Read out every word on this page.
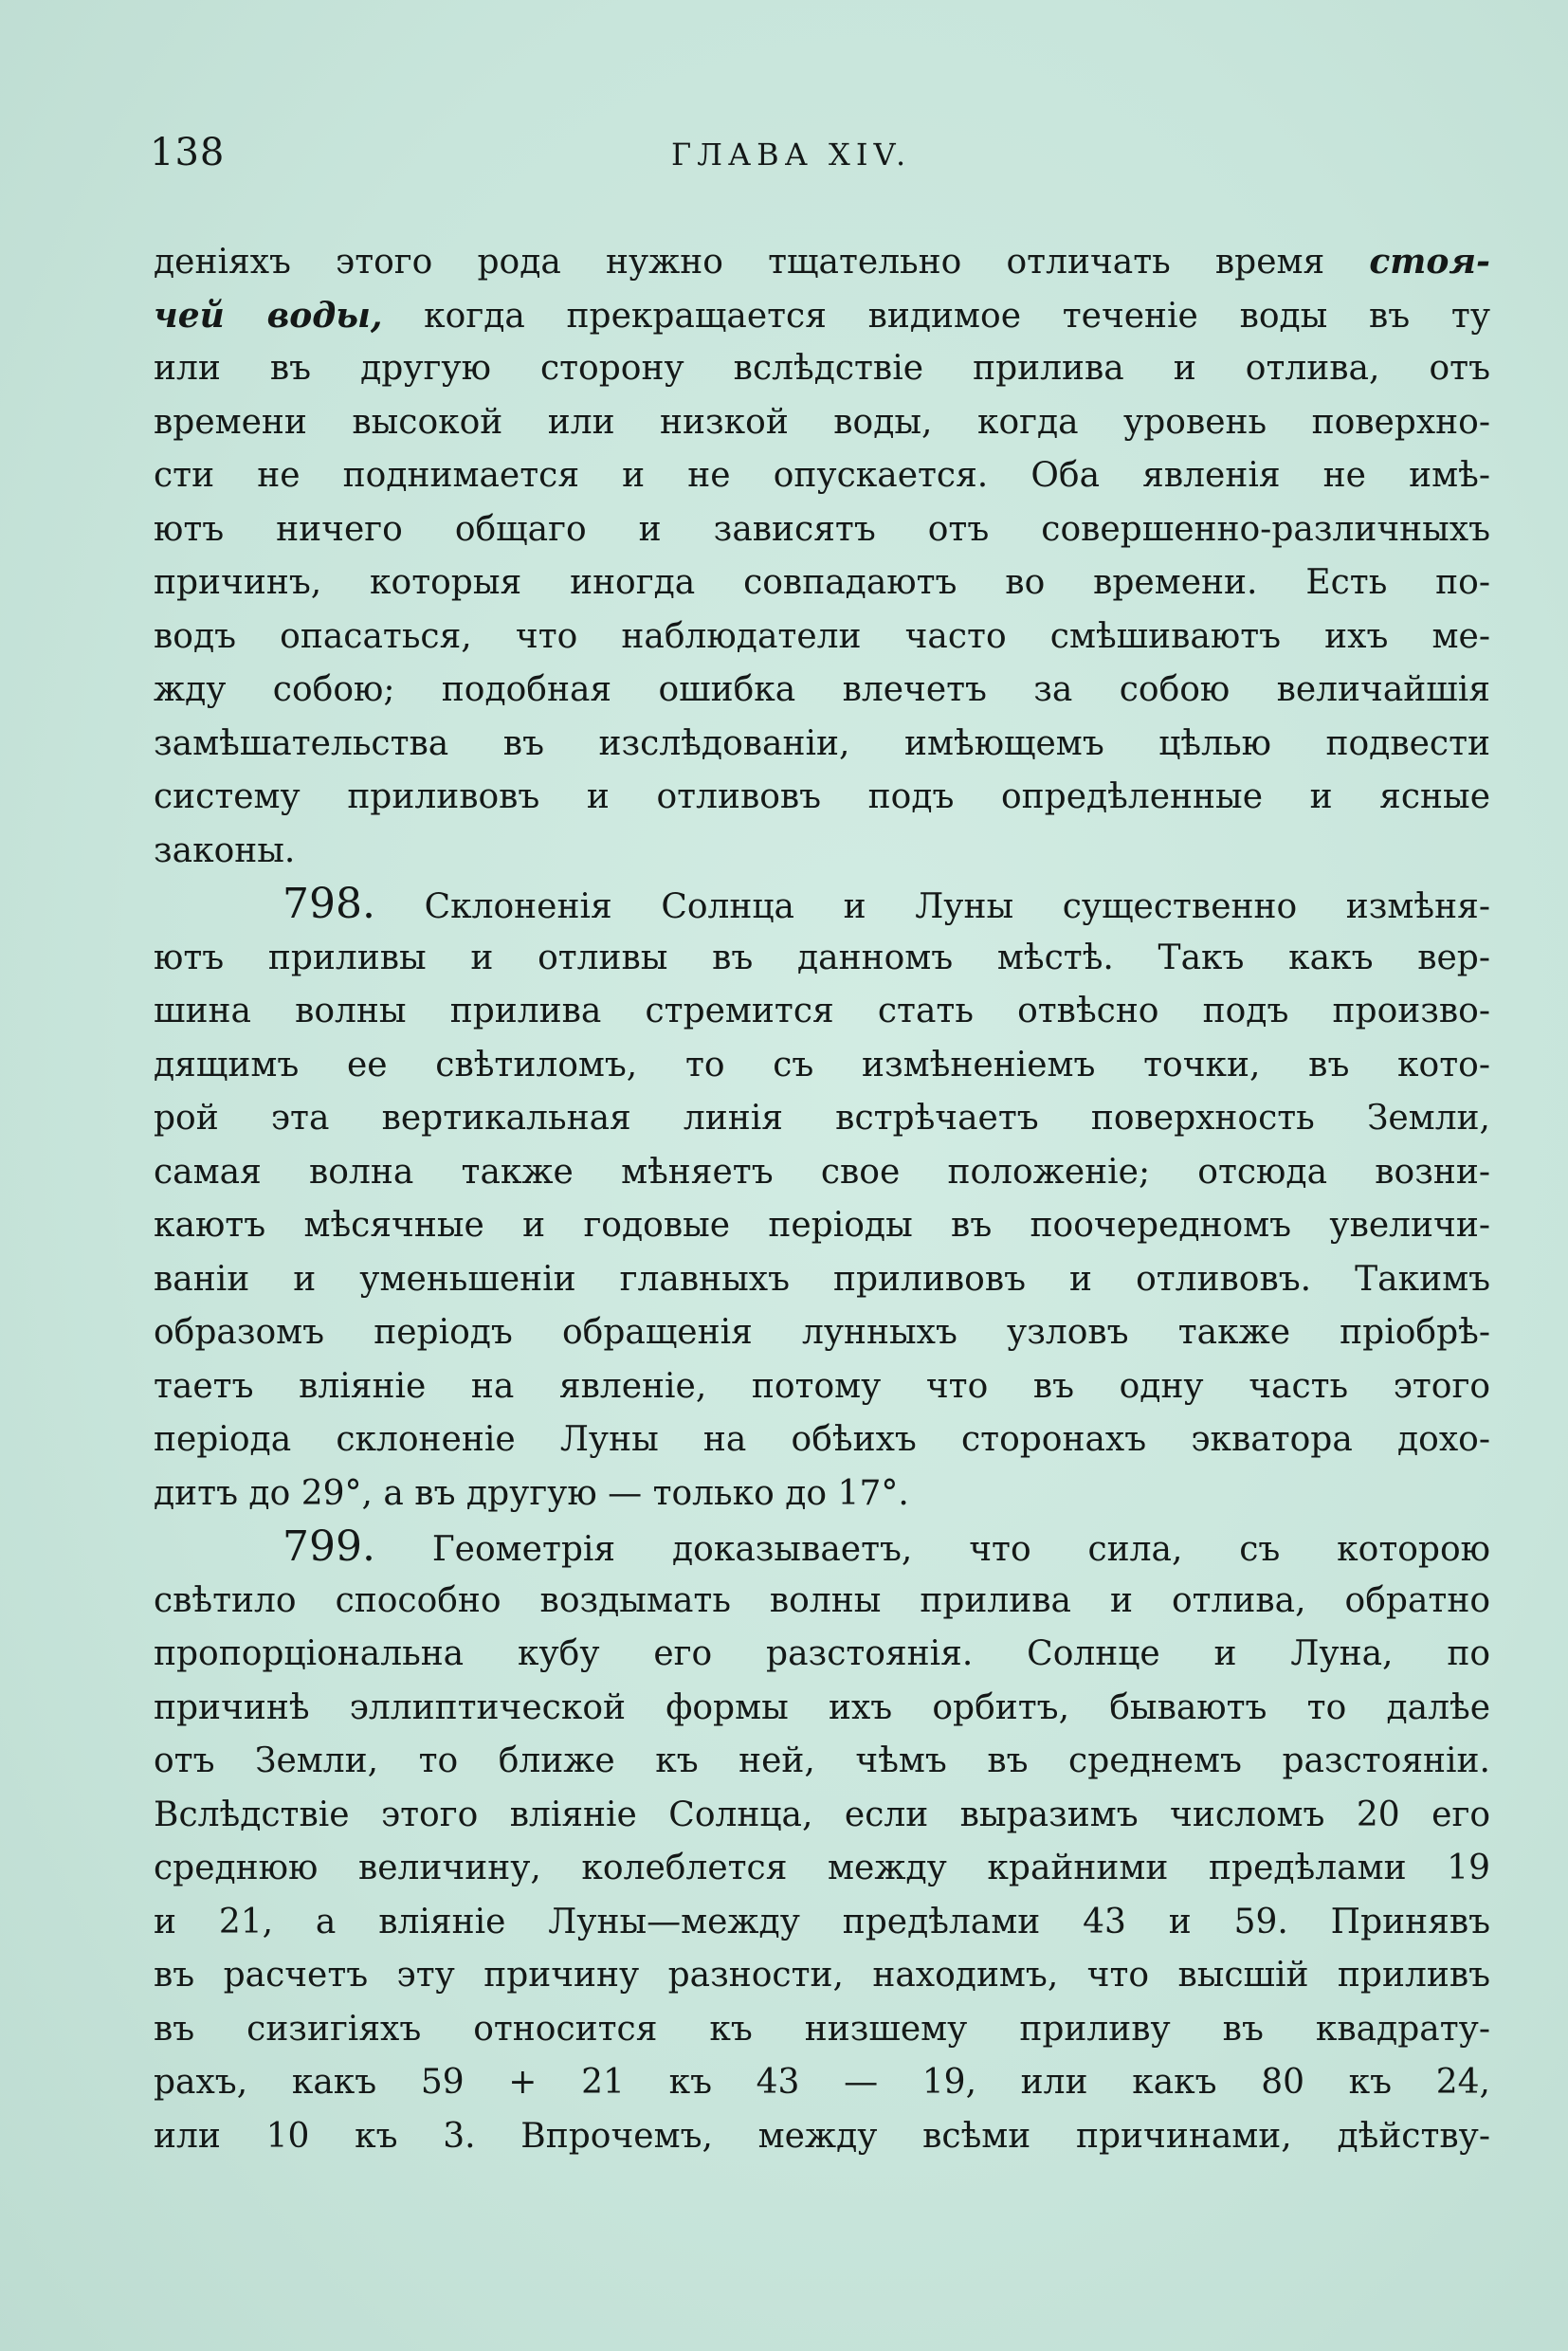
138	ГЛАВА XIV.
деніяхъ этого рода нужно тщательно отличать время стоя-
чей воды, когда прекращается видимое теченіе воды въ ту
или въ другую сторону вслѣдствіе прилива и отлива, отъ
времени высокой или низкой воды, когда уровень поверхно-
сти не поднимается и не опускается. Оба явленія не имѣ-
ютъ ничего общаго и зависятъ отъ совершенно-различныхъ
причинъ, которыя иногда совпадаютъ во времени. Есть по-
водъ опасаться, что наблюдатели часто смѣшиваютъ ихъ ме-
жду собою; подобная ошибка влечетъ за собою величайшія
замѣшательства въ изслѣдованіи, имѣющемъ цѣлью подвести
систему приливовъ и отливовъ подъ опредѣленные и ясные
законы.
798. Склоненія Солнца и Луны существенно измѣня-
ютъ приливы и отливы въ данномъ мѣстѣ. Такъ какъ вер-
шина волны прилива стремится стать отвѣсно подъ произво-
дящимъ ее свѣтиломъ, то съ измѣненіемъ точки, въ кото-
рой эта вертикальная линія встрѣчаетъ поверхность Земли,
самая волна также мѣняетъ свое положеніе; отсюда возни-
каютъ мѣсячные и годовые періоды въ поочередномъ увеличи-
ваніи и уменьшеніи главныхъ приливовъ и отливовъ. Такимъ
образомъ періодъ обращенія лунныхъ узловъ также пріобрѣ-
таетъ вліяніе на явленіе, потому что въ одну часть этого
періода склоненіе Луны на обѣихъ сторонахъ экватора дохо-
дитъ до 29°, а въ другую — только до 17°.
799. Геометрія доказываетъ, что сила, съ которою
свѣтило способно воздымать волны прилива и отлива, обратно
пропорціональна кубу его разстоянія. Солнце и Луна, по
причинѣ эллиптической формы ихъ орбитъ, бываютъ то далѣе
отъ Земли, то ближе къ ней, чѣмъ въ среднемъ разстояніи.
Вслѣдствіе этого вліяніе Солнца, если выразимъ числомъ 20 его
среднюю величину, колеблется между крайними предѣлами 19
и 21, а вліяніе Луны—между предѣлами 43 и 59. Принявъ
въ расчетъ эту причину разности, находимъ, что высшій приливъ
въ сизигіяхъ относится къ низшему приливу въ квадрату-
рахъ, какъ 59 + 21 къ 43 — 19, или какъ 80 къ 24,
или 10 къ 3. Впрочемъ, между всѣми причинами, дѣйству-
